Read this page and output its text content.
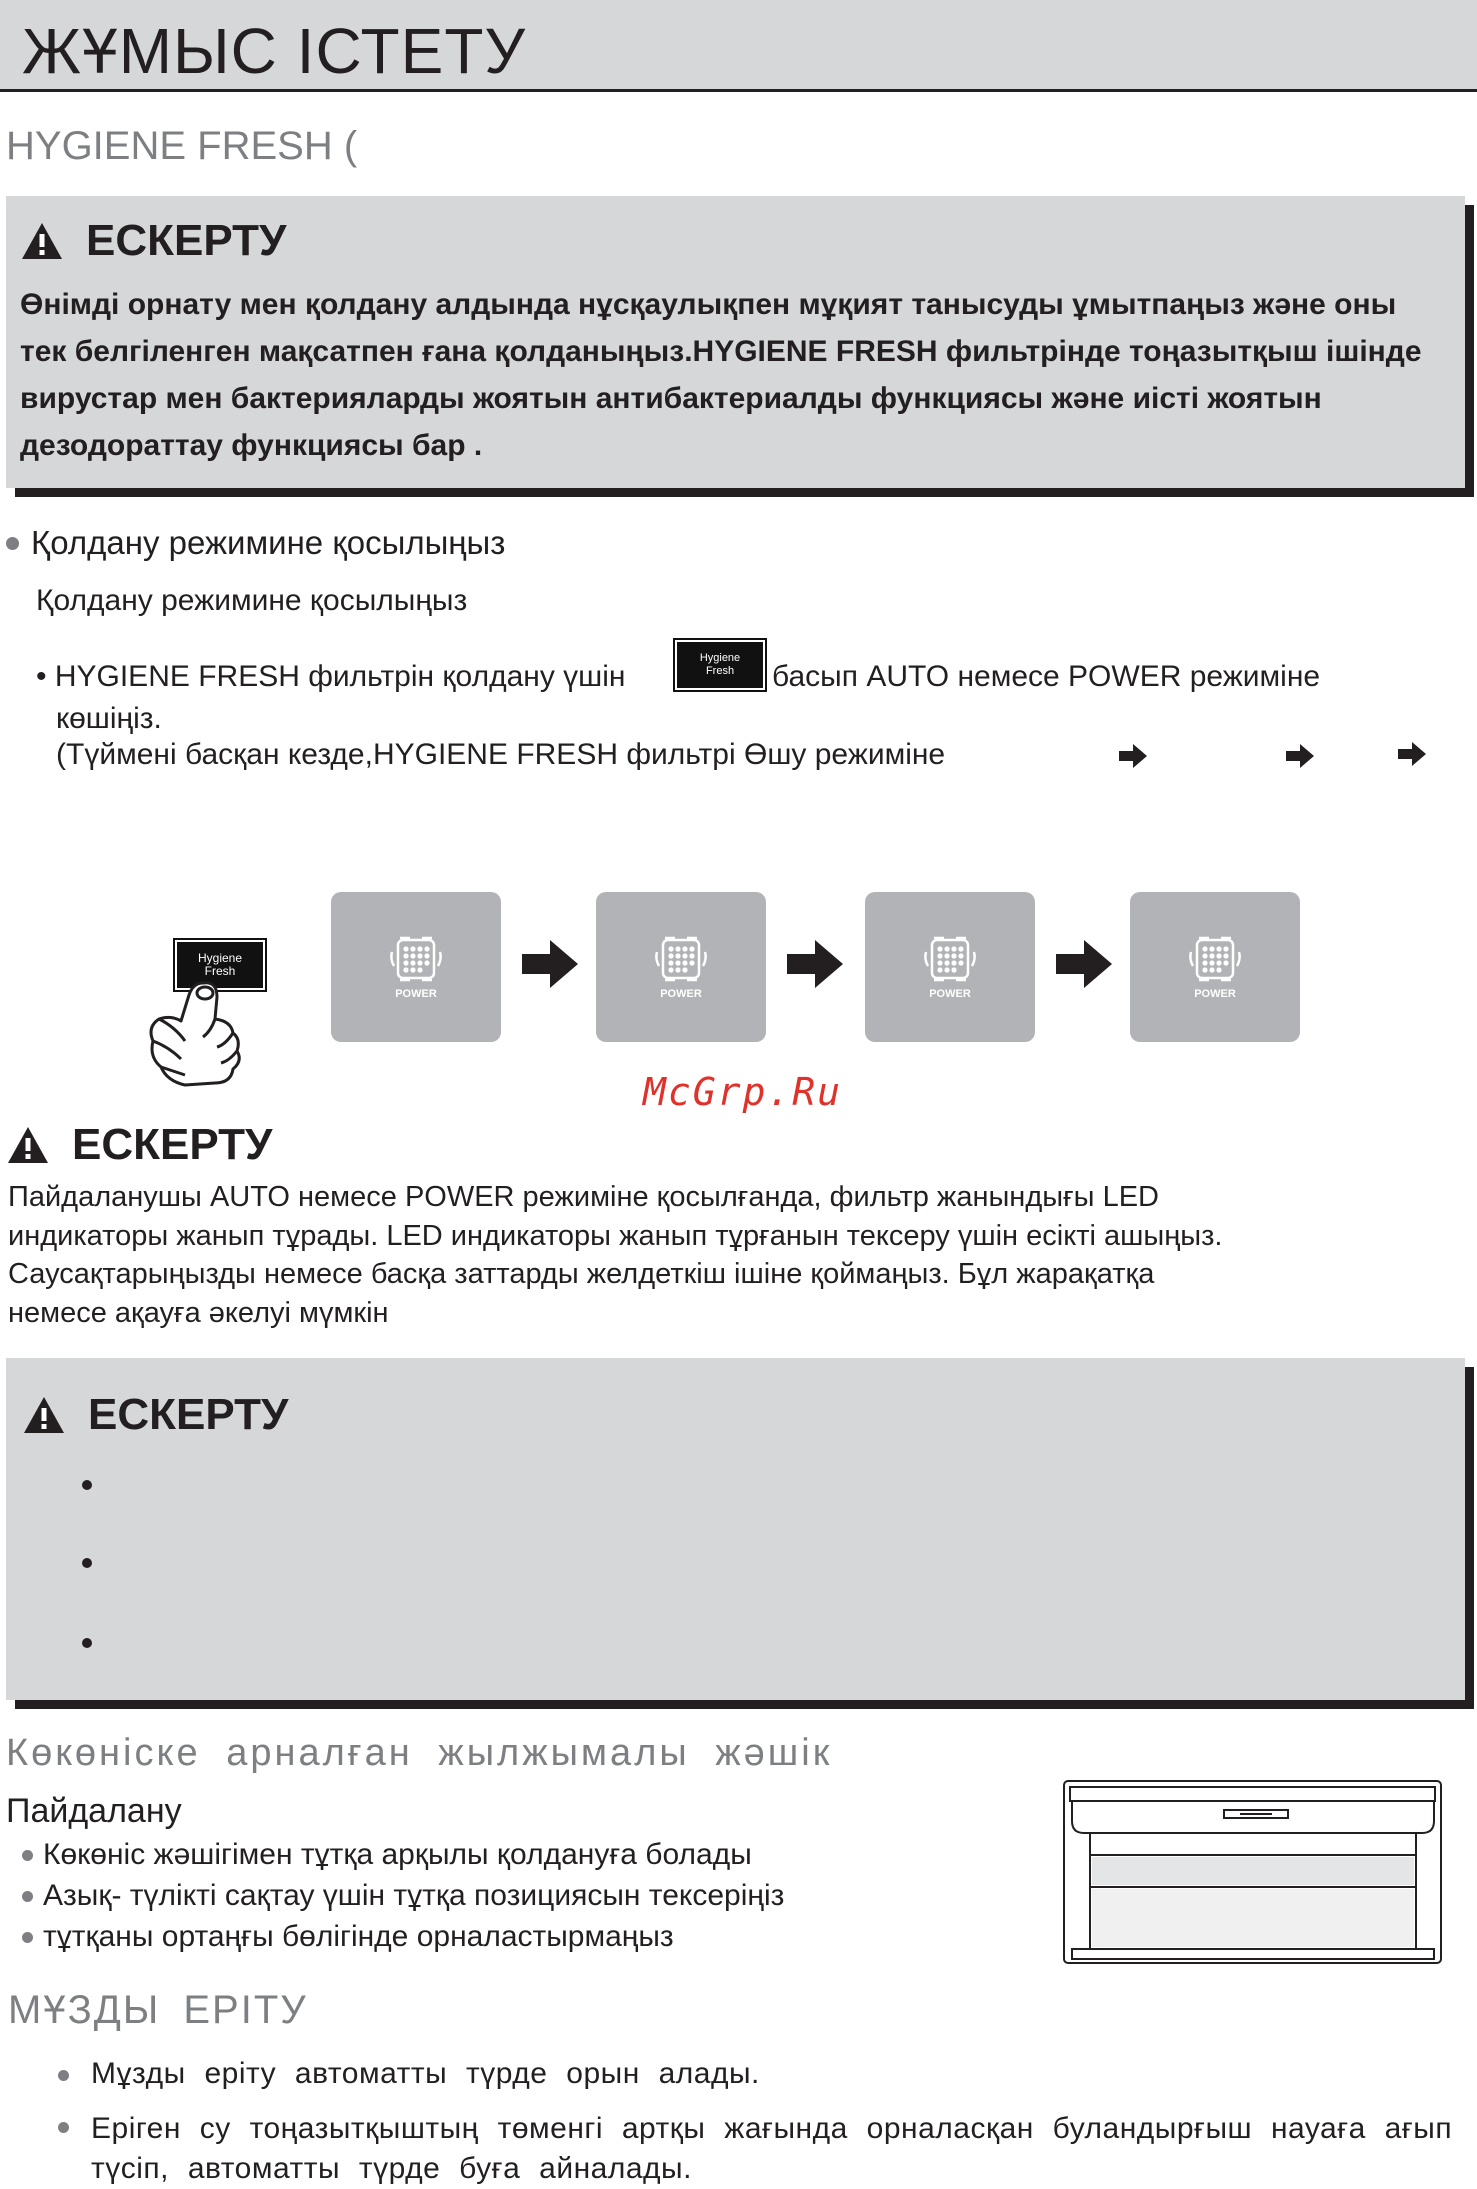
ЖҰМЫС ІСТЕТУ
HYGIENE FRESH (
ЕСКЕРТУ
Өнімді орнату мен қолдану алдында нұсқаулықпен мұқият танысуды ұмытпаңыз және оны тек белгіленген мақсатпен ғана қолданыңыз.HYGIENE FRESH фильтрінде тоңазытқыш ішінде вирустар мен бактерияларды жоятын антибактериалды функциясы және иісті жоятын дезодораттау функциясы бар .
Қолдану режимине қосылыңыз
Қолдану режимине қосылыңыз
• HYGIENE FRESH фильтрін қолдану үшін
Hygiene
Fresh басып AUTO немесе POWER режиміне
көшіңіз.
(Түймені басқан кезде,HYGIENE FRESH фильтрі Өшу режиміне
Hygiene
Fresh
POWER	POWER	POWER	POWER
McGrp.Ru
ЕСКЕРТУ
Пайдаланушы AUTO немесе POWER режиміне қосылғанда, фильтр жанындығы LED
индикаторы жанып тұрады. LED индикаторы жанып тұрғанын тексеру үшін есікті ашыңыз.
Саусақтарыңызды немесе басқа заттарды желдеткіш ішіне қоймаңыз. Бұл жарақатқа
немесе ақауға әкелуі мүмкін
ЕСКЕРТУ
Көкөніске арналған жылжымалы жәшік
Пайдалану
Көкөніс жәшігімен тұтқа арқылы қолдануға болады
Азық- түлікті сақтау үшін тұтқа позициясын тексеріңіз
тұтқаны ортаңғы бөлігінде орналастырмаңыз
МҰЗДЫ ЕРІТУ
Мұзды еріту автоматты түрде орын алады.
Еріген су тоңазытқыштың төменгі артқы жағында орналасқан буландырғыш науаға ағып түсіп, автоматты түрде буға айналады.
